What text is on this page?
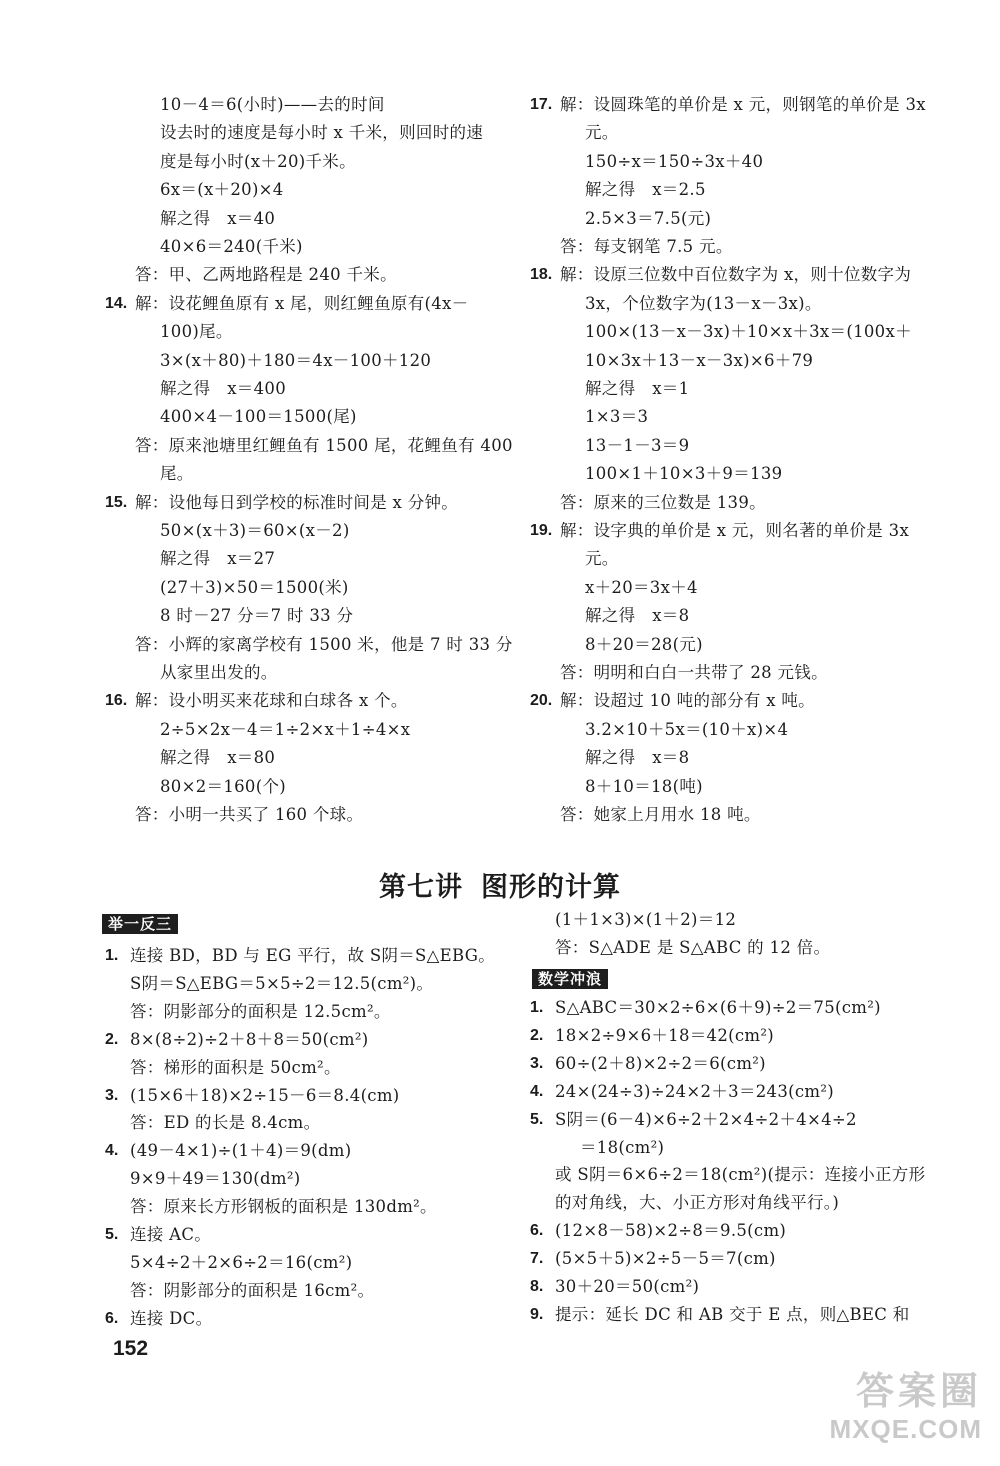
10－4＝6(小时)——去的时间
设去时的速度是每小时 x 千米，则回时的速
度是每小时(x＋20)千米。
6x＝(x＋20)×4
解之得　x＝40
40×6＝240(千米)
答：甲、乙两地路程是 240 千米。
14. 解：设花鲤鱼原有 x 尾，则红鲤鱼原有(4x－
100)尾。
3×(x＋80)＋180＝4x－100＋120
解之得　x＝400
400×4－100＝1500(尾)
答：原来池塘里红鲤鱼有 1500 尾，花鲤鱼有 400
尾。
15. 解：设他每日到学校的标准时间是 x 分钟。
50×(x＋3)＝60×(x－2)
解之得　x＝27
(27＋3)×50＝1500(米)
8 时－27 分＝7 时 33 分
答：小辉的家离学校有 1500 米，他是 7 时 33 分
从家里出发的。
16. 解：设小明买来花球和白球各 x 个。
2÷5×2x－4＝1÷2×x＋1÷4×x
解之得　x＝80
80×2＝160(个)
答：小明一共买了 160 个球。
17. 解：设圆珠笔的单价是 x 元，则钢笔的单价是 3x
元。
150÷x＝150÷3x＋40
解之得　x＝2.5
2.5×3＝7.5(元)
答：每支钢笔 7.5 元。
18. 解：设原三位数中百位数字为 x，则十位数字为
3x，个位数字为(13－x－3x)。
100×(13－x－3x)＋10×x＋3x＝(100x＋
10×3x＋13－x－3x)×6＋79
解之得　x＝1
1×3＝3
13－1－3＝9
100×1＋10×3＋9＝139
答：原来的三位数是 139。
19. 解：设字典的单价是 x 元，则名著的单价是 3x
元。
x＋20＝3x＋4
解之得　x＝8
8＋20＝28(元)
答：明明和白白一共带了 28 元钱。
20. 解：设超过 10 吨的部分有 x 吨。
3.2×10＋5x＝(10＋x)×4
解之得　x＝8
8＋10＝18(吨)
答：她家上月用水 18 吨。
第七讲 图形的计算
举一反三
1. 连接 BD，BD 与 EG 平行，故 S阴＝S△EBG。
S阴＝S△EBG＝5×5÷2＝12.5(cm²)。
答：阴影部分的面积是 12.5cm²。
2. 8×(8÷2)÷2＋8＋8＝50(cm²)
答：梯形的面积是 50cm²。
3. (15×6＋18)×2÷15－6＝8.4(cm)
答：ED 的长是 8.4cm。
4. (49－4×1)÷(1＋4)＝9(dm)
9×9＋49＝130(dm²)
答：原来长方形钢板的面积是 130dm²。
5. 连接 AC。
5×4÷2＋2×6÷2＝16(cm²)
答：阴影部分的面积是 16cm²。
6. 连接 DC。
(1＋1×3)×(1＋2)＝12
答：S△ADE 是 S△ABC 的 12 倍。
数学冲浪
1. S△ABC＝30×2÷6×(6＋9)÷2＝75(cm²)
2. 18×2÷9×6＋18＝42(cm²)
3. 60÷(2＋8)×2÷2＝6(cm²)
4. 24×(24÷3)÷24×2＋3＝243(cm²)
5. S阴＝(6－4)×6÷2＋2×4÷2＋4×4÷2
＝18(cm²)
或 S阴＝6×6÷2＝18(cm²)(提示：连接小正方形
的对角线，大、小正方形对角线平行。)
6. (12×8－58)×2÷8＝9.5(cm)
7. (5×5＋5)×2÷5－5＝7(cm)
8. 30＋20＝50(cm²)
9. 提示：延长 DC 和 AB 交于 E 点，则△BEC 和
152
答案圈
MXQE.COM
